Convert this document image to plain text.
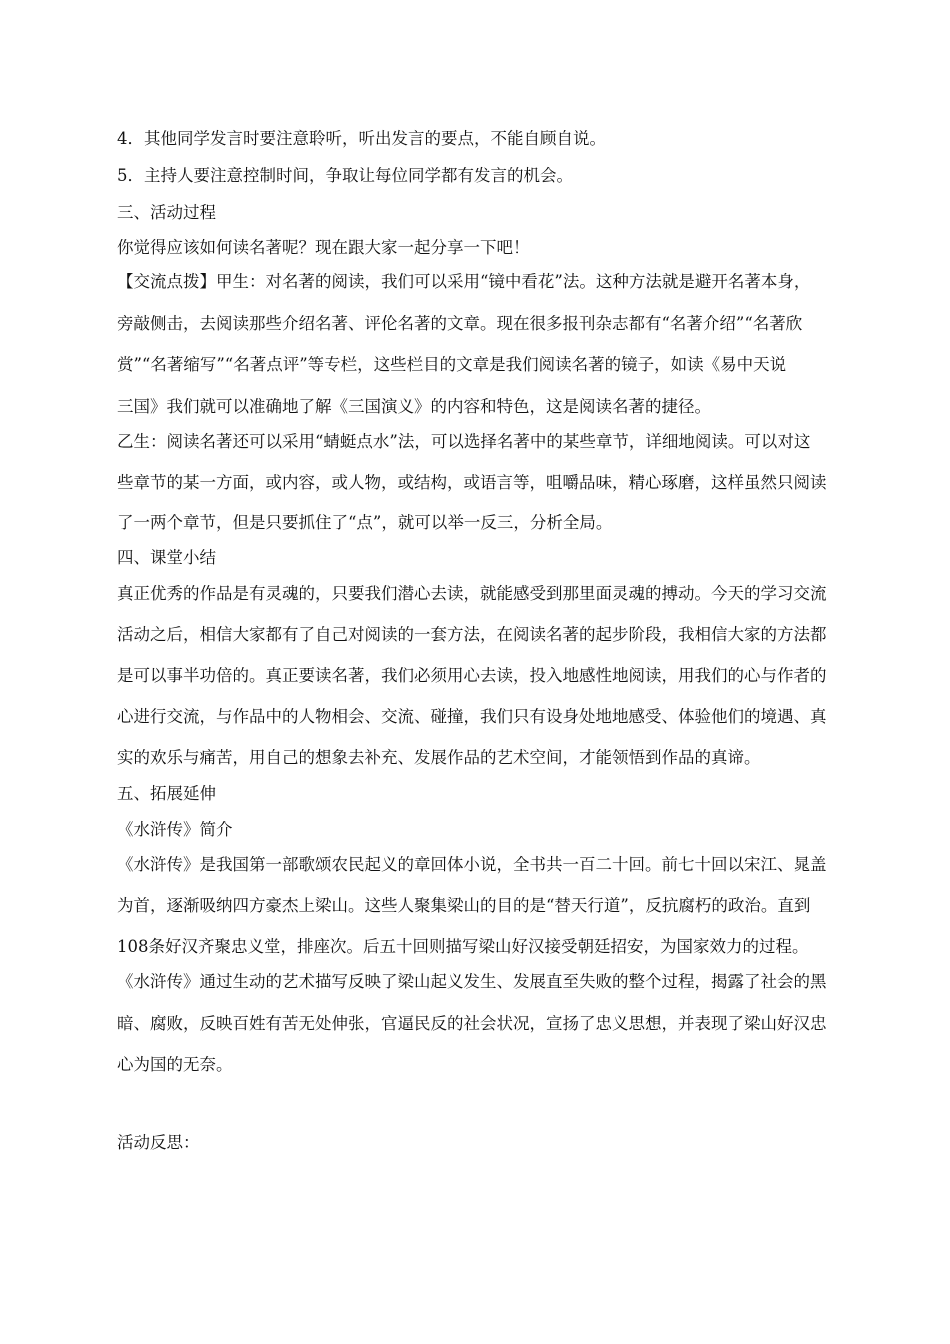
4．其他同学发言时要注意聆听，听出发言的要点，不能自顾自说。

5．主持人要注意控制时间，争取让每位同学都有发言的机会。

三、活动过程

你觉得应该如何读名著呢？现在跟大家一起分享一下吧！

【交流点拨】甲生：对名著的阅读，我们可以采用“镜中看花”法。这种方法就是避开名著本身，

旁敲侧击，去阅读那些介绍名著、评伦名著的文章。现在很多报刊杂志都有“名著介绍”“名著欣

赏”“名著缩写”“名著点评”等专栏，这些栏目的文章是我们阅读名著的镜子，如读《易中天说

三国》我们就可以准确地了解《三国演义》的内容和特色，这是阅读名著的捷径。

乙生：阅读名著还可以采用“蜻蜓点水”法，可以选择名著中的某些章节，详细地阅读。可以对这

些章节的某一方面，或内容，或人物，或结构，或语言等，咀嚼品味，精心琢磨，这样虽然只阅读

了一两个章节，但是只要抓住了“点”，就可以举一反三，分析全局。

四、课堂小结

真正优秀的作品是有灵魂的，只要我们潜心去读，就能感受到那里面灵魂的搏动。今天的学习交流

活动之后，相信大家都有了自己对阅读的一套方法，在阅读名著的起步阶段，我相信大家的方法都

是可以事半功倍的。真正要读名著，我们必须用心去读，投入地感性地阅读，用我们的心与作者的

心进行交流，与作品中的人物相会、交流、碰撞，我们只有设身处地地感受、体验他们的境遇、真

实的欢乐与痛苦，用自己的想象去补充、发展作品的艺术空间，才能领悟到作品的真谛。

五、拓展延伸

《水浒传》简介

《水浒传》是我国第一部歌颂农民起义的章回体小说，全书共一百二十回。前七十回以宋江、晁盖

为首，逐渐吸纳四方豪杰上梁山。这些人聚集梁山的目的是“替天行道”，反抗腐朽的政治。直到

108条好汉齐聚忠义堂，排座次。后五十回则描写梁山好汉接受朝廷招安，为国家效力的过程。

《水浒传》通过生动的艺术描写反映了梁山起义发生、发展直至失败的整个过程，揭露了社会的黑

暗、腐败，反映百姓有苦无处伸张，官逼民反的社会状况，宣扬了忠义思想，并表现了梁山好汉忠

心为国的无奈。

活动反思：
